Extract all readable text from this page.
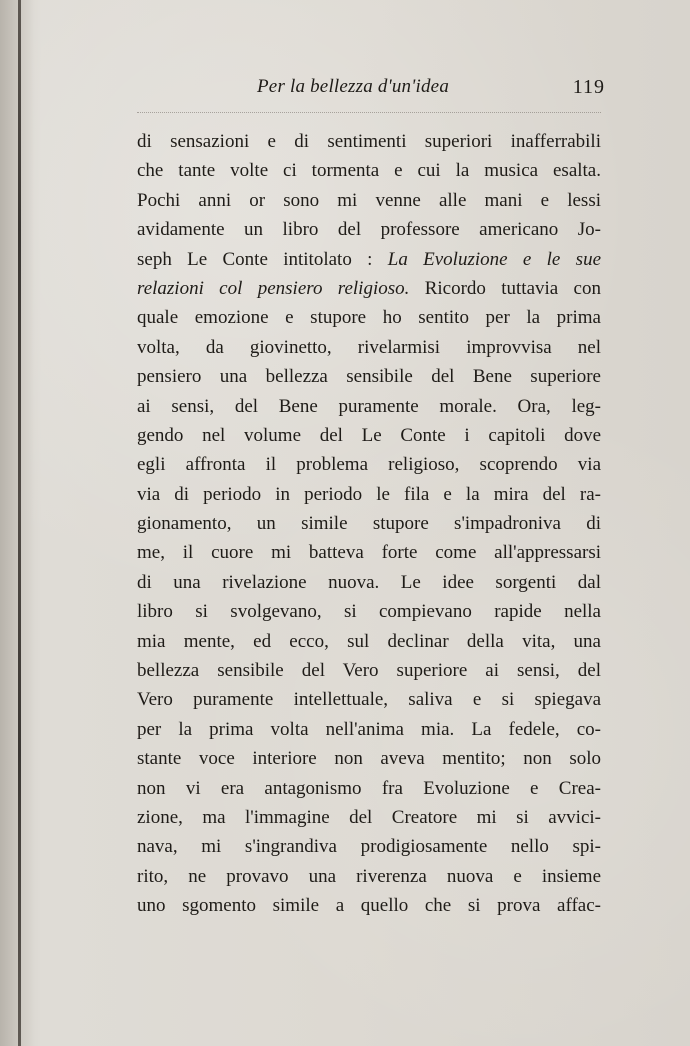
Per la bellezza d'un'idea	119
di sensazioni e di sentimenti superiori inafferrabili
che tante volte ci tormenta e cui la musica esalta.
Pochi anni or sono mi venne alle mani e lessi
avidamente un libro del professore americano Jo-
seph Le Conte intitolato : La Evoluzione e le sue
relazioni col pensiero religioso. Ricordo tuttavia con
quale emozione e stupore ho sentito per la prima
volta, da giovinetto, rivelarmisi improvvisa nel
pensiero una bellezza sensibile del Bene superiore
ai sensi, del Bene puramente morale. Ora, leg-
gendo nel volume del Le Conte i capitoli dove
egli affronta il problema religioso, scoprendo via
via di periodo in periodo le fila e la mira del ra-
gionamento, un simile stupore s'impadroniva di
me, il cuore mi batteva forte come all'appressarsi
di una rivelazione nuova. Le idee sorgenti dal
libro si svolgevano, si compievano rapide nella
mia mente, ed ecco, sul declinar della vita, una
bellezza sensibile del Vero superiore ai sensi, del
Vero puramente intellettuale, saliva e si spiegava
per la prima volta nell'anima mia. La fedele, co-
stante voce interiore non aveva mentito; non solo
non vi era antagonismo fra Evoluzione e Crea-
zione, ma l'immagine del Creatore mi si avvici-
nava, mi s'ingrandiva prodigiosamente nello spi-
rito, ne provavo una riverenza nuova e insieme
uno sgomento simile a quello che si prova affac-
